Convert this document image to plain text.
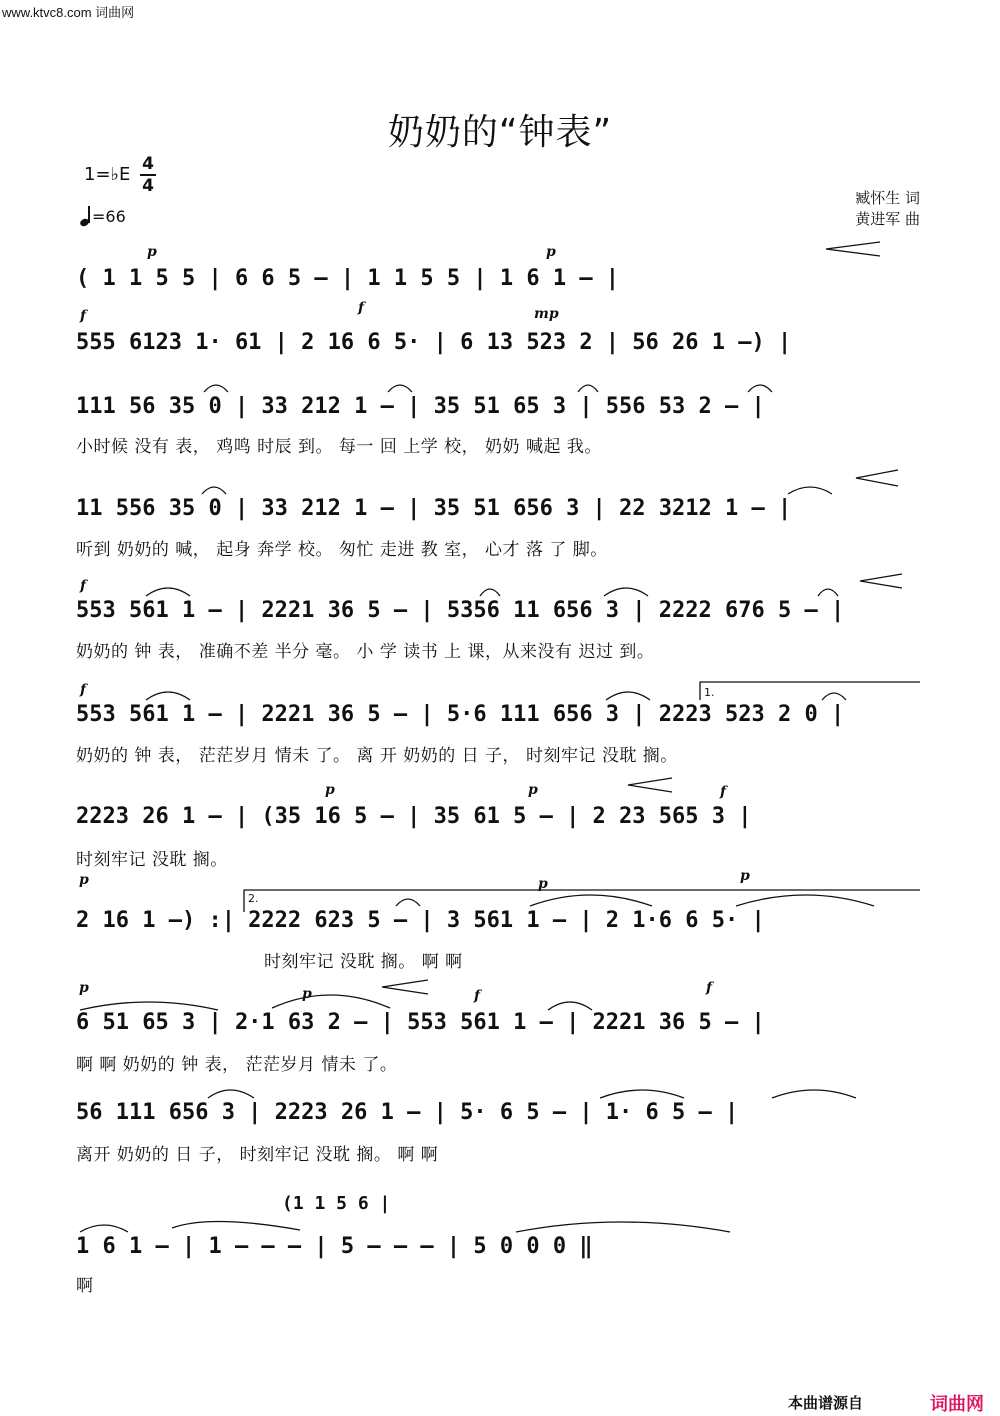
www.ktvc8.com 词曲网
奶奶的“钟表”
1=♭E 4
4
=66
臧怀生 词
黄进军 曲
p	p
f	f	mp
f
f
p	p	f
p	p	p
p	p	f	f
1.
2.
( 1 1 5 5 | 6 6 5 – | 1 1 5 5 | 1 6 1 – |
555 6123 1· 61 | 2 16 6 5· | 6 13 523 2 | 56 26 1 –) |
111 56 35 0 | 33 212 1 – | 35 51 65 3 | 556 53 2 – |
小时候 没有 表， 鸡鸣 时辰 到。 每一 回 上学 校， 奶奶 喊起 我。
11 556 35 0 | 33 212 1 – | 35 51 656 3 | 22 3212 1 – |
听到 奶奶的 喊， 起身 奔学 校。 匆忙 走进 教 室， 心才 落 了 脚。
553 561 1 – | 2221 36 5 – | 5356 11 656 3 | 2222 676 5 – |
奶奶的 钟 表， 准确不差 半分 毫。 小 学 读书 上 课，从来没有 迟过 到。
553 561 1 – | 2221 36 5 – | 5·6 111 656 3 | 2223 523 2 0 |
奶奶的 钟 表， 茫茫岁月 情未 了。 离 开 奶奶的 日 子， 时刻牢记 没耽 搁。
2223 26 1 – | (35 16 5 – | 35 61 5 – | 2 23 565 3 |
时刻牢记 没耽 搁。
2 16 1 –) :| 2222 623 5 – | 3 561 1 – | 2 1·6 6 5· |
时刻牢记 没耽 搁。 啊 啊
6 51 65 3 | 2·1 63 2 – | 553 561 1 – | 2221 36 5 – |
啊 啊 奶奶的 钟 表， 茫茫岁月 情未 了。
56 111 656 3 | 2223 26 1 – | 5· 6 5 – | 1· 6 5 – |
离开 奶奶的 日 子， 时刻牢记 没耽 搁。 啊 啊
(1 1 5 6 |
1 6 1 – | 1 – – – | 5 – – – | 5 0 0 0 ‖
啊
本曲谱源自	词曲网
